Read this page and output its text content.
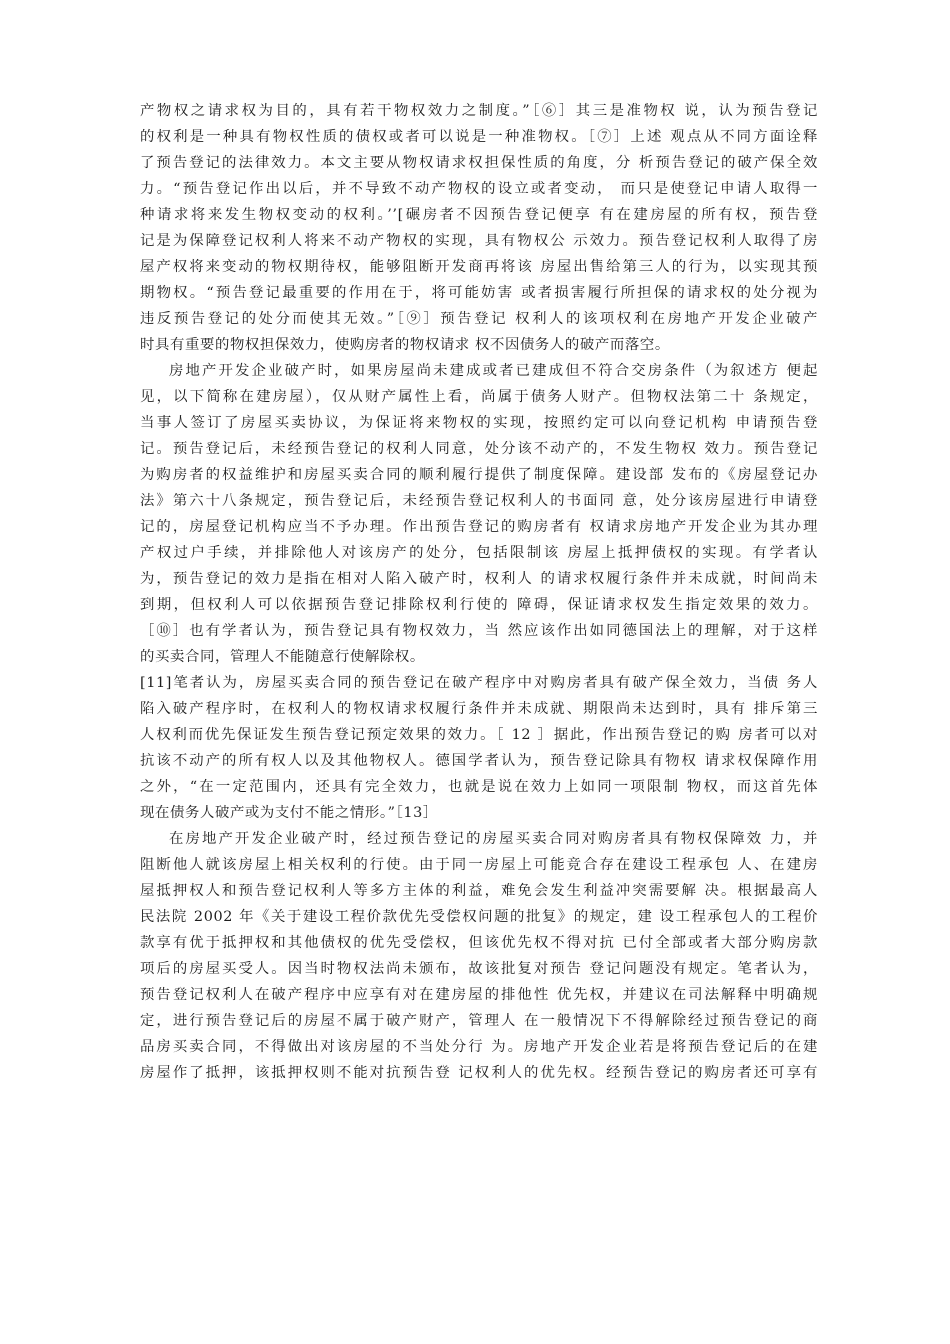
产物权之请求权为目的，具有若干物权效力之制度。”［⑥］其三是准物权 说，认为预告登记
的权利是一种具有物权性质的债权或者可以说是一种准物权。［⑦］上述 观点从不同方面诠释
了预告登记的法律效力。本文主要从物权请求权担保性质的角度，分 析预告登记的破产保全效
力。“预告登记作出以后，并不导致不动产物权的设立或者变动， 而只是使登记申请人取得一
种请求将来发生物权变动的权利。’’[碾房者不因预告登记便享 有在建房屋的所有权，预告登
记是为保障登记权利人将来不动产物权的实现，具有物权公 示效力。预告登记权利人取得了房
屋产权将来变动的物权期待权，能够阻断开发商再将该 房屋出售给第三人的行为，以实现其预
期物权。“预告登记最重要的作用在于，将可能妨害 或者损害履行所担保的请求权的处分视为
违反预告登记的处分而使其无效。”［⑨］预告登记 权利人的该项权利在房地产开发企业破产
时具有重要的物权担保效力，使购房者的物权请求 权不因债务人的破产而落空。
房地产开发企业破产时，如果房屋尚未建成或者已建成但不符合交房条件（为叙述方 便起
见，以下简称在建房屋），仅从财产属性上看，尚属于债务人财产。但物权法第二十 条规定，
当事人签订了房屋买卖协议，为保证将来物权的实现，按照约定可以向登记机构 申请预告登
记。预告登记后，未经预告登记的权利人同意，处分该不动产的，不发生物权 效力。预告登记
为购房者的权益维护和房屋买卖合同的顺利履行提供了制度保障。建设部 发布的《房屋登记办
法》第六十八条规定，预告登记后，未经预告登记权利人的书面同 意，处分该房屋进行申请登
记的，房屋登记机构应当不予办理。作出预告登记的购房者有 权请求房地产开发企业为其办理
产权过户手续，并排除他人对该房产的处分，包括限制该 房屋上抵押债权的实现。有学者认
为，预告登记的效力是指在相对人陷入破产时，权利人 的请求权履行条件并未成就，时间尚未
到期，但权利人可以依据预告登记排除权利行使的 障碍，保证请求权发生指定效果的效力。
［⑩］也有学者认为，预告登记具有物权效力，当 然应该作出如同德国法上的理解，对于这样
的买卖合同，管理人不能随意行使解除权。
[11]笔者认为，房屋买卖合同的预告登记在破产程序中对购房者具有破产保全效力，当债 务人
陷入破产程序时，在权利人的物权请求权履行条件并未成就、期限尚未达到时，具有 排斥第三
人权利而优先保证发生预告登记预定效果的效力。［ 12 ］据此，作出预告登记的购 房者可以对
抗该不动产的所有权人以及其他物权人。德国学者认为，预告登记除具有物权 请求权保障作用
之外，“在一定范围内，还具有完全效力，也就是说在效力上如同一项限制 物权，而这首先体
现在债务人破产或为支付不能之情形。”［13］
在房地产开发企业破产时，经过预告登记的房屋买卖合同对购房者具有物权保障效 力，并
阻断他人就该房屋上相关权利的行使。由于同一房屋上可能竞合存在建设工程承包 人、在建房
屋抵押权人和预告登记权利人等多方主体的利益，难免会发生利益冲突需要解 决。根据最高人
民法院 2002 年《关于建设工程价款优先受偿权问题的批复》的规定，建 设工程承包人的工程价
款享有优于抵押权和其他债权的优先受偿权，但该优先权不得对抗 已付全部或者大部分购房款
项后的房屋买受人。因当时物权法尚未颁布，故该批复对预告 登记问题没有规定。笔者认为，
预告登记权利人在破产程序中应享有对在建房屋的排他性 优先权，并建议在司法解释中明确规
定，进行预告登记后的房屋不属于破产财产，管理人 在一般情况下不得解除经过预告登记的商
品房买卖合同，不得做出对该房屋的不当处分行 为。房地产开发企业若是将预告登记后的在建
房屋作了抵押，该抵押权则不能对抗预告登 记权利人的优先权。经预告登记的购房者还可享有
